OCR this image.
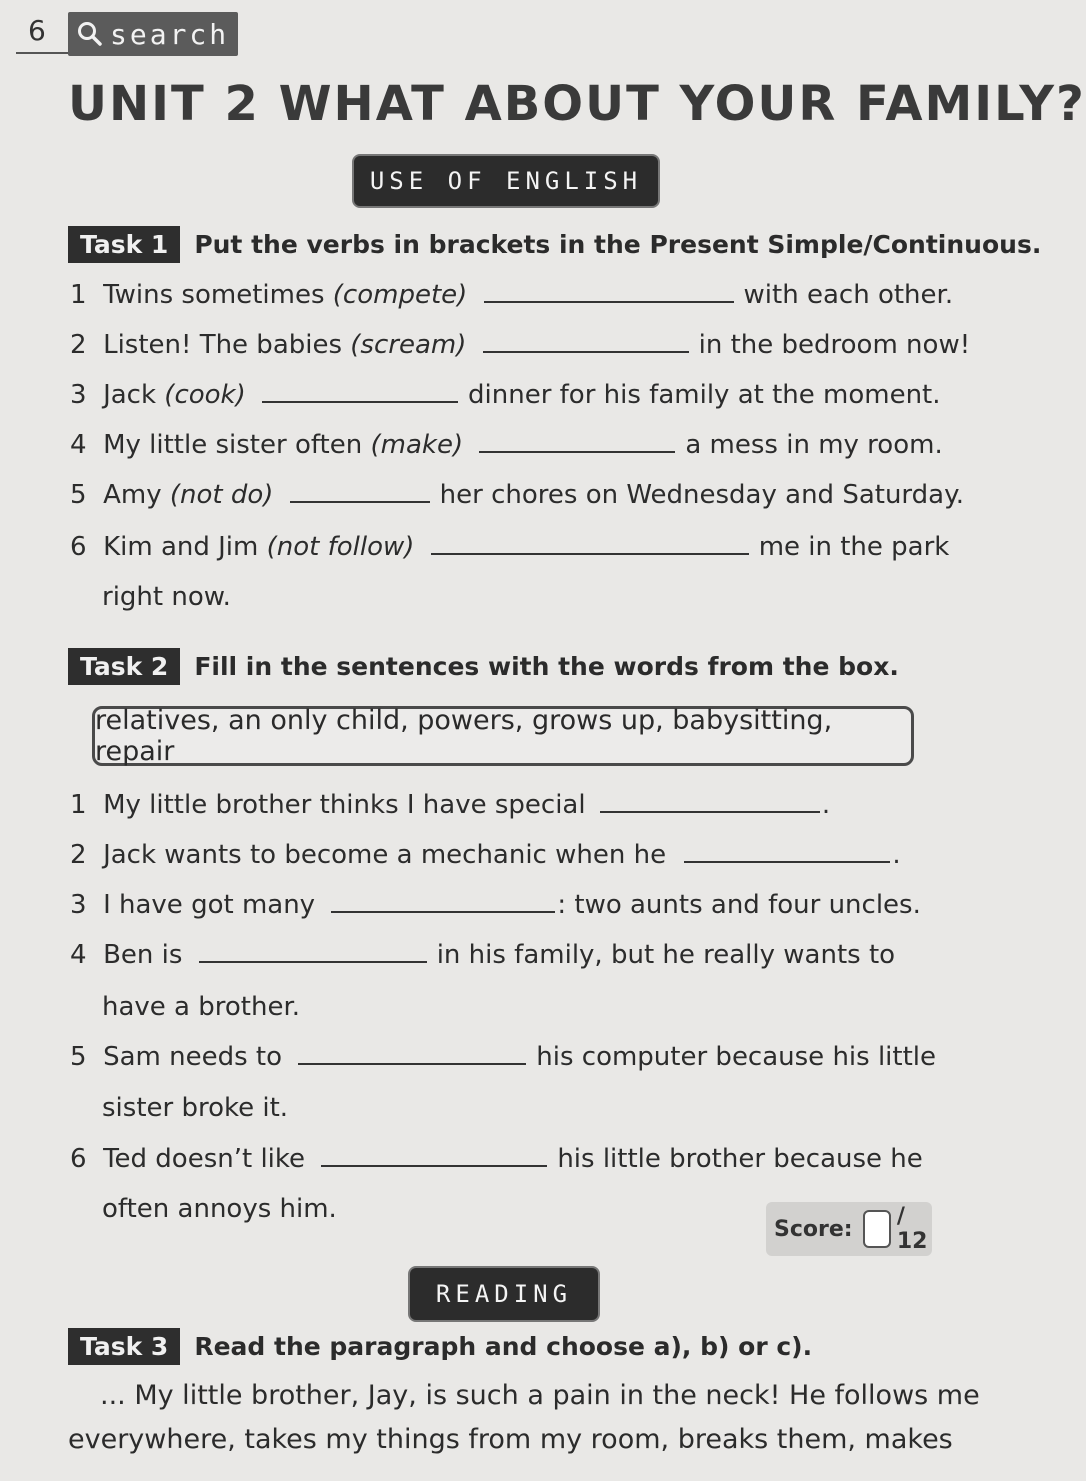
6 search
UNIT 2 WHAT ABOUT YOUR FAMILY?
USE OF ENGLISH
Task 1	Put the verbs in brackets in the Present Simple/Continuous.
1 Twins sometimes (compete)	with each other.
2 Listen! The babies (scream)	in the bedroom now!
3 Jack (cook)	dinner for his family at the moment.
4 My little sister often (make)	a mess in my room.
5 Amy (not do)	her chores on Wednesday and Saturday.
6 Kim and Jim (not follow)	me in the park
right now.
Task 2	Fill in the sentences with the words from the box.
relatives, an only child, powers, grows up, babysitting, repair
1 My little brother thinks I have special	.
2 Jack wants to become a mechanic when he	.
3 I have got many	: two aunts and four uncles.
4 Ben is	in his family, but he really wants to
have a brother.
5 Sam needs to	his computer because his little
sister broke it.
6 Ted doesn’t like	his little brother because he
often annoys him.
Score: / 12
READING
Task 3	Read the paragraph and choose a), b) or c).
... My little brother, Jay, is such a pain in the neck! He follows me
everywhere, takes my things from my room, breaks them, makes
